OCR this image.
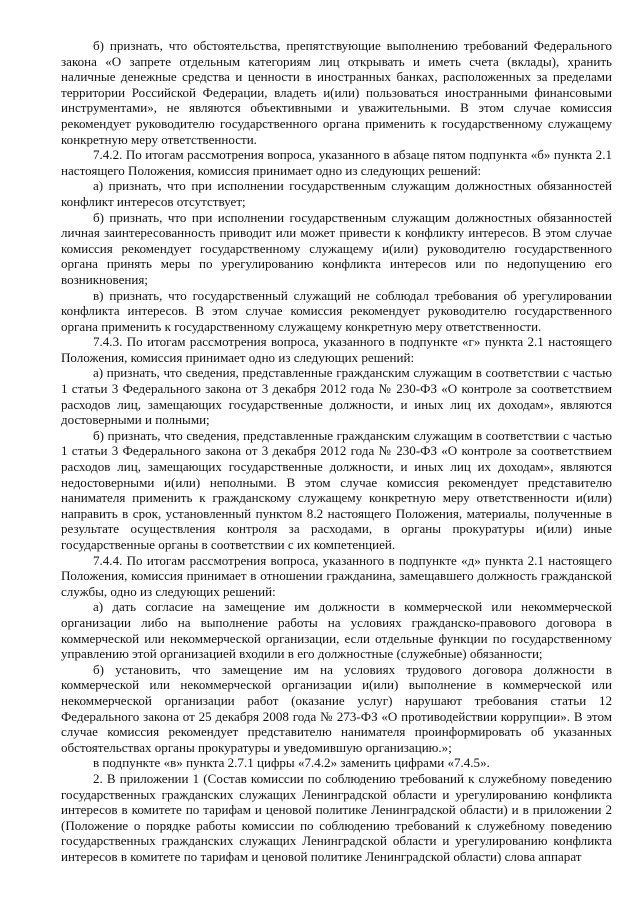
б) признать, что обстоятельства, препятствующие выполнению требований Федерального закона «О запрете отдельным категориям лиц открывать и иметь счета (вклады), хранить наличные денежные средства и ценности в иностранных банках, расположенных за пределами территории Российской Федерации, владеть и(или) пользоваться иностранными финансовыми инструментами», не являются объективными и уважительными. В этом случае комиссия рекомендует руководителю государственного органа применить к государственному служащему конкретную меру ответственности.

7.4.2. По итогам рассмотрения вопроса, указанного в абзаце пятом подпункта «б» пункта 2.1 настоящего Положения, комиссия принимает одно из следующих решений:

а) признать, что при исполнении государственным служащим должностных обязанностей конфликт интересов отсутствует;

б) признать, что при исполнении государственным служащим должностных обязанностей личная заинтересованность приводит или может привести к конфликту интересов. В этом случае комиссия рекомендует государственному служащему и(или) руководителю государственного органа принять меры по урегулированию конфликта интересов или по недопущению его возникновения;

в) признать, что государственный служащий не соблюдал требования об урегулировании конфликта интересов. В этом случае комиссия рекомендует руководителю государственного органа применить к государственному служащему конкретную меру ответственности.

7.4.3. По итогам рассмотрения вопроса, указанного в подпункте «г» пункта 2.1 настоящего Положения, комиссия принимает одно из следующих решений:

а) признать, что сведения, представленные гражданским служащим в соответствии с частью 1 статьи 3 Федерального закона от 3 декабря 2012 года № 230-ФЗ «О контроле за соответствием расходов лиц, замещающих государственные должности, и иных лиц их доходам», являются достоверными и полными;

б) признать, что сведения, представленные гражданским служащим в соответствии с частью 1 статьи 3 Федерального закона от 3 декабря 2012 года № 230-ФЗ «О контроле за соответствием расходов лиц, замещающих государственные должности, и иных лиц их доходам», являются недостоверными и(или) неполными. В этом случае комиссия рекомендует представителю нанимателя применить к гражданскому служащему конкретную меру ответственности и(или) направить в срок, установленный пунктом 8.2 настоящего Положения, материалы, полученные в результате осуществления контроля за расходами, в органы прокуратуры и(или) иные государственные органы в соответствии с их компетенцией.

7.4.4. По итогам рассмотрения вопроса, указанного в подпункте «д» пункта 2.1 настоящего Положения, комиссия принимает в отношении гражданина, замещавшего должность гражданской службы, одно из следующих решений:

а) дать согласие на замещение им должности в коммерческой или некоммерческой организации либо на выполнение работы на условиях гражданско-правового договора в коммерческой или некоммерческой организации, если отдельные функции по государственному управлению этой организацией входили в его должностные (служебные) обязанности;

б) установить, что замещение им на условиях трудового договора должности в коммерческой или некоммерческой организации и(или) выполнение в коммерческой или некоммерческой организации работ (оказание услуг) нарушают требования статьи 12 Федерального закона от 25 декабря 2008 года № 273-ФЗ «О противодействии коррупции». В этом случае комиссия рекомендует представителю нанимателя проинформировать об указанных обстоятельствах органы прокуратуры и уведомившую организацию.»;

в подпункте «в» пункта 2.7.1 цифры «7.4.2» заменить цифрами «7.4.5».

2. В приложении 1 (Состав комиссии по соблюдению требований к служебному поведению государственных гражданских служащих Ленинградской области и урегулированию конфликта интересов в комитете по тарифам и ценовой политике Ленинградской области) и в приложении 2 (Положение о порядке работы комиссии по соблюдению требований к служебному поведению государственных гражданских служащих Ленинградской области и урегулированию конфликта интересов в комитете по тарифам и ценовой политике Ленинградской области) слова аппарат
